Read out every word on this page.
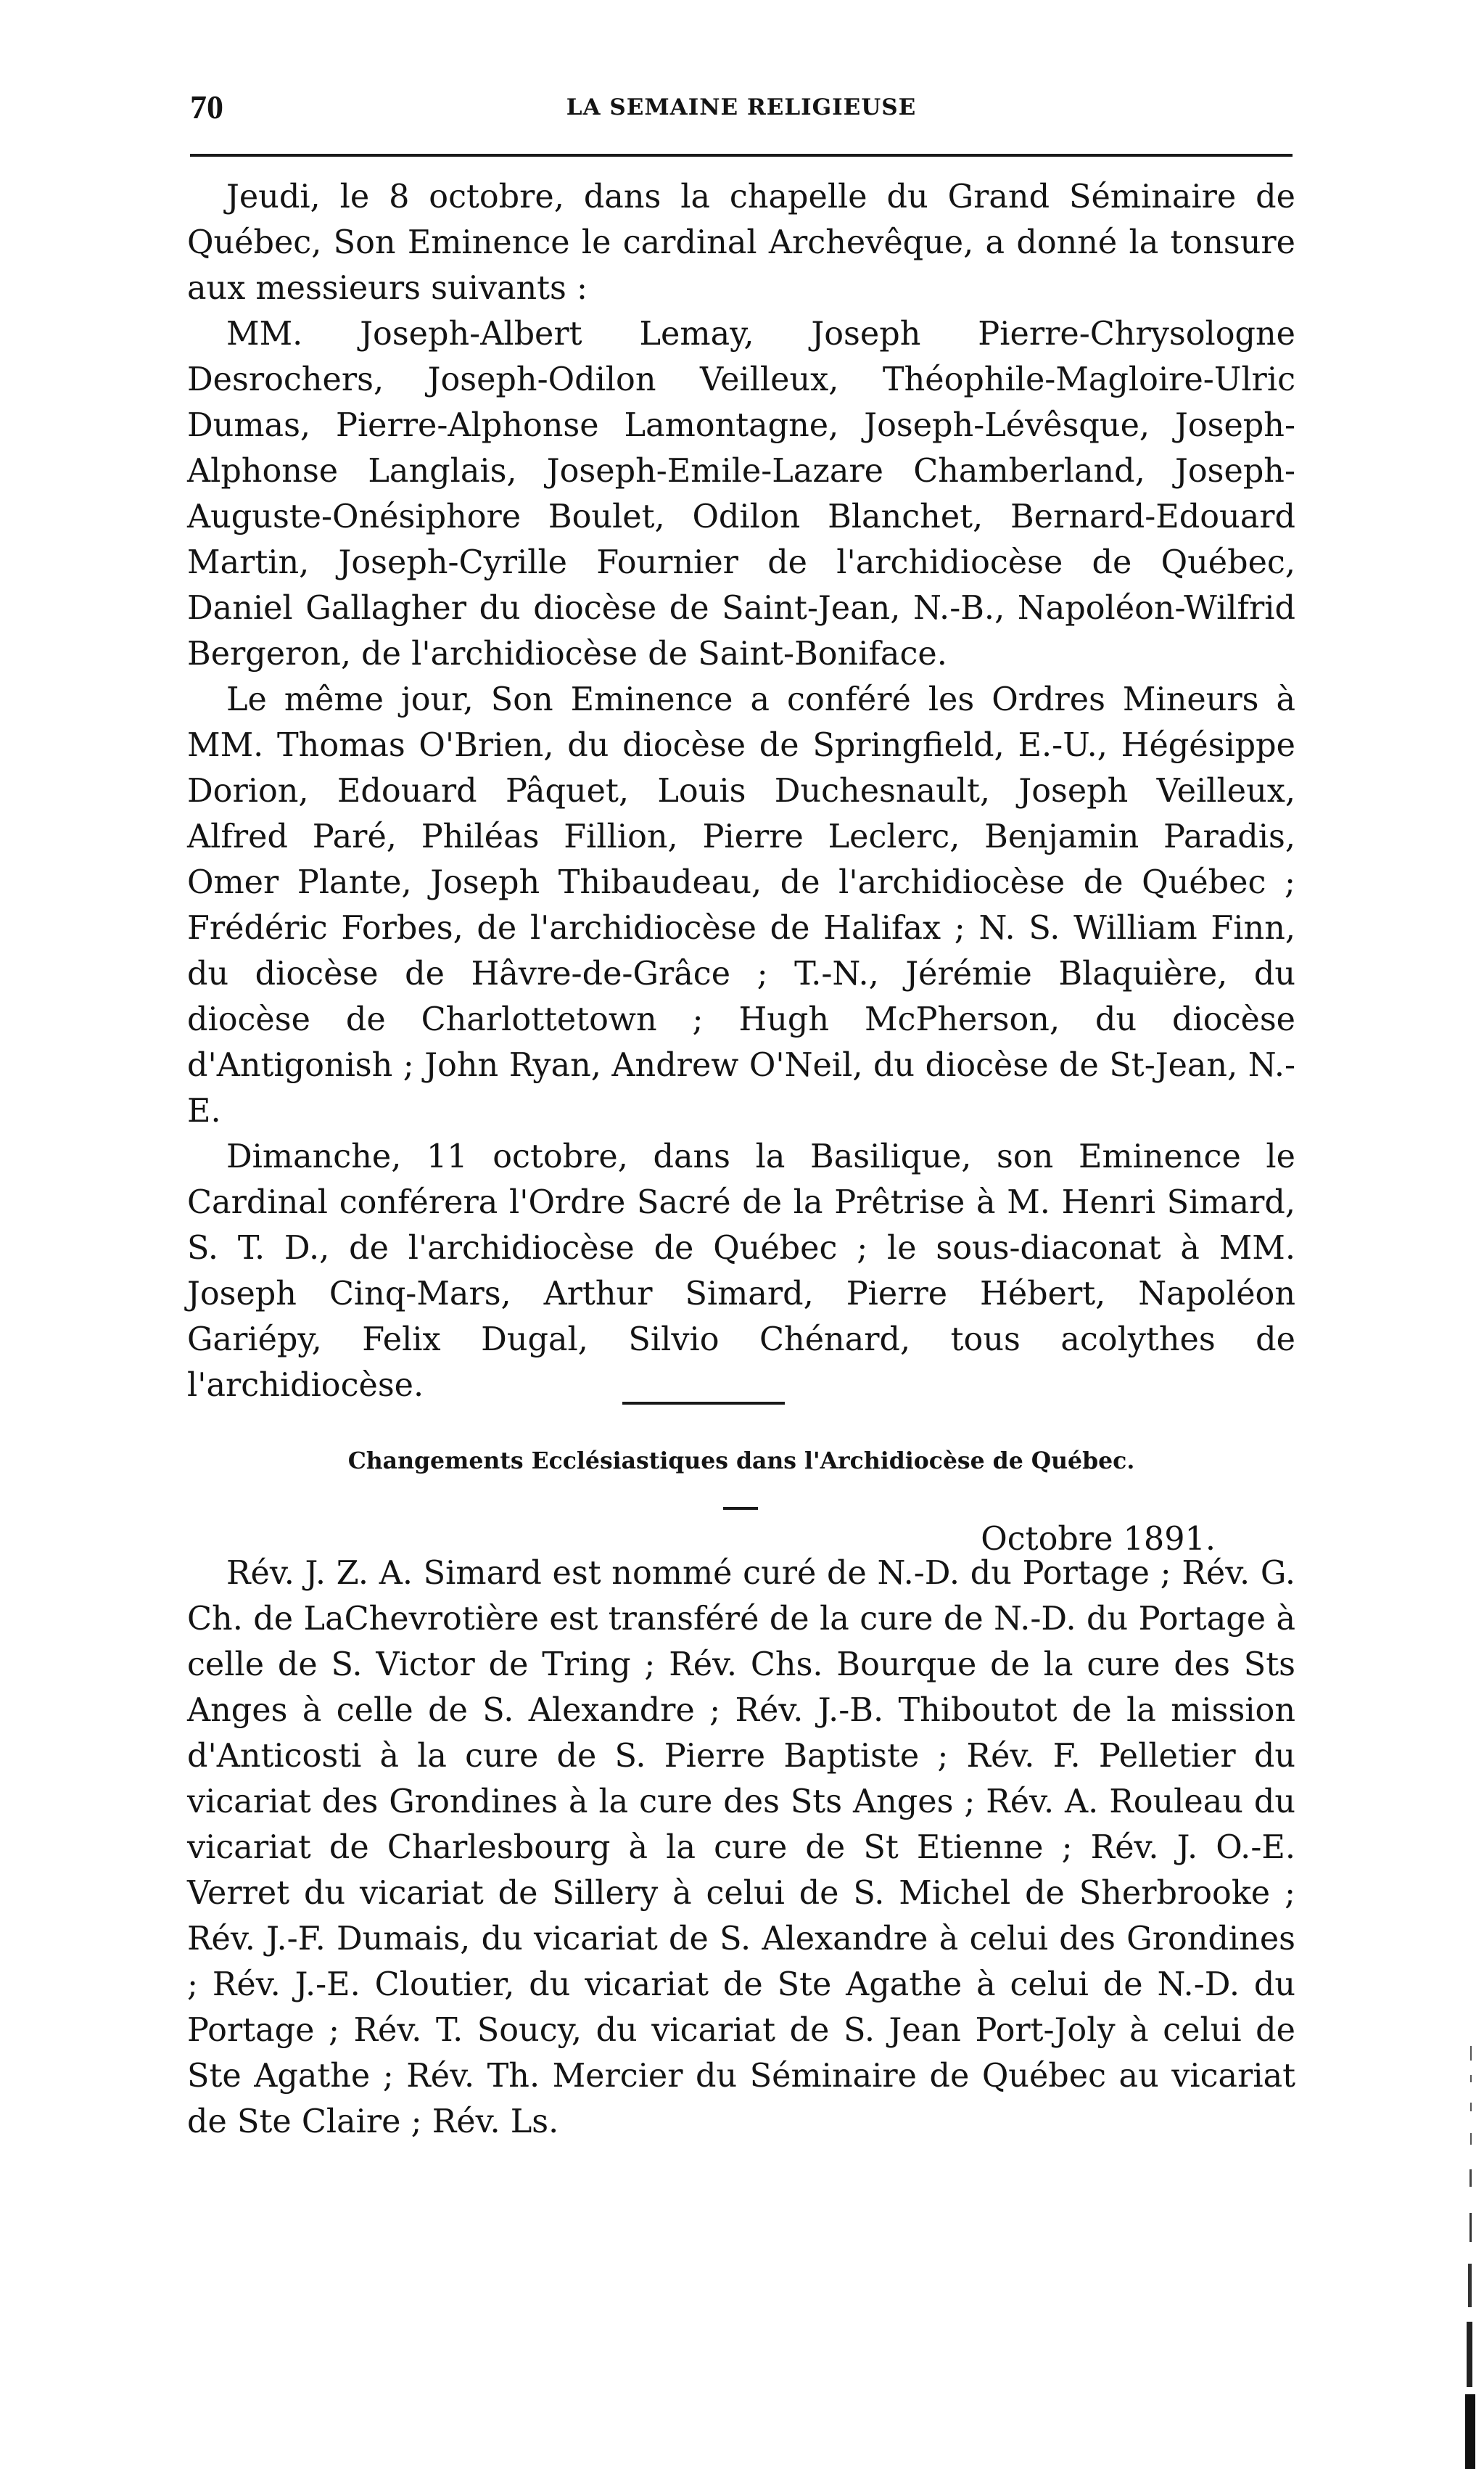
70	LA SEMAINE RELIGIEUSE

Jeudi, le 8 octobre, dans la chapelle du Grand Séminaire de Québec, Son Eminence le cardinal Archevêque, a donné la tonsure aux messieurs suivants :

MM. Joseph-Albert Lemay, Joseph Pierre-Chrysologne Desrochers, Joseph-Odilon Veilleux, Théophile-Magloire-Ulric Dumas, Pierre-Alphonse Lamontagne, Joseph-Lévêsque, Joseph-Alphonse Langlais, Joseph-Emile-Lazare Chamberland, Joseph-Auguste-Onésiphore Boulet, Odilon Blanchet, Bernard-Edouard Martin, Joseph-Cyrille Fournier de l'archidiocèse de Québec, Daniel Gallagher du diocèse de Saint-Jean, N.-B., Napoléon-Wilfrid Bergeron, de l'archidiocèse de Saint-Boniface.

Le même jour, Son Eminence a conféré les Ordres Mineurs à MM. Thomas O'Brien, du diocèse de Springfield, E.-U., Hégésippe Dorion, Edouard Pâquet, Louis Duchesnault, Joseph Veilleux, Alfred Paré, Philéas Fillion, Pierre Leclerc, Benjamin Paradis, Omer Plante, Joseph Thibaudeau, de l'archidiocèse de Québec ; Frédéric Forbes, de l'archidiocèse de Halifax ; N. S. William Finn, du diocèse de Hâvre-de-Grâce ; T.-N., Jérémie Blaquière, du diocèse de Charlottetown ; Hugh McPherson, du diocèse d'Antigonish ; John Ryan, Andrew O'Neil, du diocèse de St-Jean, N.-E.

Dimanche, 11 octobre, dans la Basilique, son Eminence le Cardinal conférera l'Ordre Sacré de la Prêtrise à M. Henri Simard, S. T. D., de l'archidiocèse de Québec ; le sous-diaconat à MM. Joseph Cinq-Mars, Arthur Simard, Pierre Hébert, Napoléon Gariépy, Felix Dugal, Silvio Chénard, tous acolythes de l'archidiocèse.

Changements Ecclésiastiques dans l'Archidiocèse de Québec.
Octobre 1891.

Rév. J. Z. A. Simard est nommé curé de N.-D. du Portage ; Rév. G. Ch. de LaChevrotière est transféré de la cure de N.-D. du Portage à celle de S. Victor de Tring ; Rév. Chs. Bourque de la cure des Sts Anges à celle de S. Alexandre ; Rév. J.-B. Thiboutot de la mission d'Anticosti à la cure de S. Pierre Baptiste ; Rév. F. Pelletier du vicariat des Grondines à la cure des Sts Anges ; Rév. A. Rouleau du vicariat de Charlesbourg à la cure de St Etienne ; Rév. J. O.-E. Verret du vicariat de Sillery à celui de S. Michel de Sherbrooke ; Rév. J.-F. Dumais, du vicariat de S. Alexandre à celui des Grondines ; Rév. J.-E. Cloutier, du vicariat de Ste Agathe à celui de N.-D. du Portage ; Rév. T. Soucy, du vicariat de S. Jean Port-Joly à celui de Ste Agathe ; Rév. Th. Mercier du Séminaire de Québec au vicariat de Ste Claire ; Rév. Ls.
